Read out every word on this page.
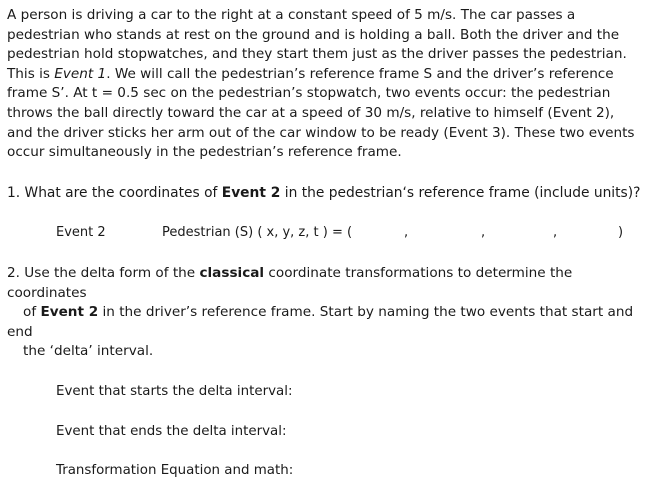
A person is driving a car to the right at a constant speed of 5 m/s. The car passes a

pedestrian who stands at rest on the ground and is holding a ball. Both the driver and the

pedestrian hold stopwatches, and they start them just as the driver passes the pedestrian.

This is Event 1. We will call the pedestrian’s reference frame S and the driver’s reference

frame S’. At t = 0.5 sec on the pedestrian’s stopwatch, two events occur: the pedestrian

throws the ball directly toward the car at a speed of 30 m/s, relative to himself (Event 2),

and the driver sticks her arm out of the car window to be ready (Event 3). These two events

occur simultaneously in the pedestrian’s reference frame.

1. What are the coordinates of Event 2 in the pedestrian‘s reference frame (include units)?
Event 2	Pedestrian (S) ( x, y, z, t ) = (	,	,	,	)

2. Use the delta form of the classical coordinate transformations to determine the

coordinates

of Event 2 in the driver’s reference frame. Start by naming the two events that start and

end

the ‘delta’ interval.

Event that starts the delta interval:
Event that ends the delta interval:
Transformation Equation and math:
